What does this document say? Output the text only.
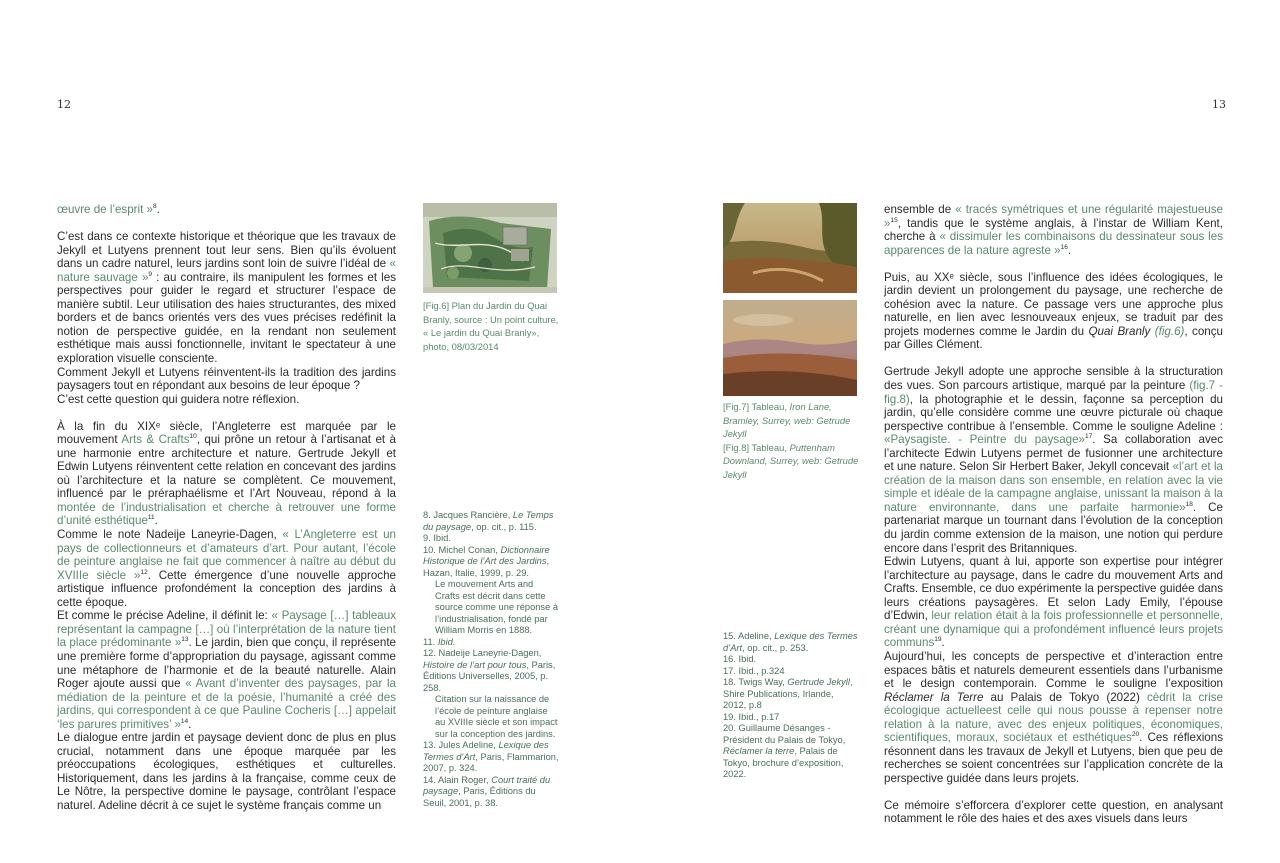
12	13

œuvre de l’esprit »$^8$.

C’est dans ce contexte historique et théorique que les travaux de Jekyll et Lutyens prennent tout leur sens. Bien qu’ils évoluent dans un cadre naturel, leurs jardins sont loin de suivre l’idéal de « nature sauvage »$^9$ : au contraire, ils manipulent les formes et les perspectives pour guider le regard et structurer l’espace de manière subtil. Leur utilisation des haies structurantes, des mixed borders et de bancs orientés vers des vues précises redéfinit la notion de perspective guidée, en la rendant non seulement esthétique mais aussi fonctionnelle, invitant le spectateur à une exploration visuelle consciente.

Comment Jekyll et Lutyens réinventent-ils la tradition des jardins paysagers tout en répondant aux besoins de leur époque ?

C’est cette question qui guidera notre réflexion.

À la fin du XIXᵉ siècle, l’Angleterre est marquée par le mouvement Arts & Crafts$^{10}$, qui prône un retour à l’artisanat et à une harmonie entre architecture et nature. Gertrude Jekyll et Edwin Lutyens réinventent cette relation en concevant des jardins où l’architecture et la nature se complètent. Ce mouvement, influencé par le préraphaélisme et l’Art Nouveau, répond à la montée de l’industrialisation et cherche à retrouver une forme d’unité esthétique$^{11}$.

Comme le note Nadeije Laneyrie-Dagen, « L’Angleterre est un pays de collectionneurs et d’amateurs d’art. Pour autant, l’école de peinture anglaise ne fait que commencer à naître au début du XVIIIe siècle »$^{12}$. Cette émergence d’une nouvelle approche artistique influence profondément la conception des jardins à cette époque.

Et comme le précise Adeline, il définit le: « Paysage […] tableaux représentant la campagne […] où l’interprétation de la nature tient la place prédominante »$^{13}$. Le jardin, bien que conçu, il représente une première forme d’appropriation du paysage, agissant comme une métaphore de l’harmonie et de la beauté naturelle. Alain Roger ajoute aussi que « Avant d’inventer des paysages, par la médiation de la peinture et de la poésie, l’humanité a créé des jardins, qui correspondent à ce que Pauline Cocheris […] appelait ‘les parures primitives’ »$^{14}$.

Le dialogue entre jardin et paysage devient donc de plus en plus crucial, notamment dans une époque marquée par les préoccupations écologiques, esthétiques et culturelles. Historiquement, dans les jardins à la française, comme ceux de Le Nôtre, la perspective domine le paysage, contrôlant l’espace naturel. Adeline décrit à ce sujet le système français comme un

[Fig.6] Plan du Jardin du Quai Branly, source : Un point culture, « Le jardin du Quai Branly», photo, 08/03/2014

8. Jacques Rancière, Le Temps du paysage, op. cit., p. 115.

9. Ibid.

10. Michel Conan, Dictionnaire Historique de l’Art des Jardins, Hazan, Italie, 1999, p. 29.

Le mouvement Arts and Crafts est décrit dans cette source comme une réponse à l’industrialisation, fondé par William Morris en 1888.

11. Ibid.

12. Nadeije Laneyrie-Dagen, Histoire de l’art pour tous, Paris, Éditions Universelles, 2005, p. 258.

Citation sur la naissance de l’école de peinture anglaise au XVIIIe siècle et son impact sur la conception des jardins.

13. Jules Adeline, Lexique des Termes d’Art, Paris, Flammarion, 2007, p. 324.

14. Alain Roger, Court traité du paysage, Paris, Éditions du Seuil, 2001, p. 38.

[Fig.7] Tableau, Iron Lane, Bramley, Surrey, web: Getrude Jekyll

[Fig.8] Tableau, Puttenham Downland, Surrey, web: Getrude Jekyll

15. Adeline, Lexique des Termes d’Art, op. cit., p. 253.

16. Ibid.

17. Ibid., p.324

18. Twigs Way, Gertrude Jekyll, Shire Publications, Irlande, 2012, p.8

19. Ibid., p.17

20. Guillaume Désanges - Président du Palais de Tokyo, Réclamer la terre, Palais de Tokyo, brochure d’exposition, 2022.

ensemble de « tracés symétriques et une régularité majestueuse »$^{15}$, tandis que le système anglais, à l’instar de William Kent, cherche à « dissimuler les combinaisons du dessinateur sous les apparences de la nature agreste »$^{16}$.

Puis, au XXᵉ siècle, sous l’influence des idées écologiques, le jardin devient un prolongement du paysage, une recherche de cohésion avec la nature. Ce passage vers une approche plus naturelle, en lien avec lesnouveaux enjeux, se traduit par des projets modernes comme le Jardin du Quai Branly (fig.6), conçu par Gilles Clément.

Gertrude Jekyll adopte une approche sensible à la structuration des vues. Son parcours artistique, marqué par la peinture (fig.7 - fig.8), la photographie et le dessin, façonne sa perception du jardin, qu’elle considère comme une œuvre picturale où chaque perspective contribue à l’ensemble. Comme le souligne Adeline : «Paysagiste. - Peintre du paysage»$^{17}$. Sa collaboration avec l’architecte Edwin Lutyens permet de fusionner une architecture et une nature. Selon Sir Herbert Baker, Jekyll concevait «l’art et la création de la maison dans son ensemble, en relation avec la vie simple et idéale de la campagne anglaise, unissant la maison à la nature environnante, dans une parfaite harmonie»$^{18}$. Ce partenariat marque un tournant dans l’évolution de la conception du jardin comme extension de la maison, une notion qui perdure encore dans l’esprit des Britanniques.

Edwin Lutyens, quant à lui, apporte son expertise pour intégrer l’architecture au paysage, dans le cadre du mouvement Arts and Crafts. Ensemble, ce duo expérimente la perspective guidée dans leurs créations paysagères. Et selon Lady Emily, l’épouse d’Edwin, leur relation était à la fois professionnelle et personnelle, créant une dynamique qui a profondément influencé leurs projets communs$^{19}$.

Aujourd’hui, les concepts de perspective et d’interaction entre espaces bâtis et naturels demeurent essentiels dans l’urbanisme et le design contemporain. Comme le souligne l’exposition Réclamer la Terre au Palais de Tokyo (2022) cèdrit la crise écologique actuelleest celle qui nous pousse à repenser notre relation à la nature, avec des enjeux politiques, économiques, scientifiques, moraux, sociétaux et esthétiques$^{20}$. Ces réflexions résonnent dans les travaux de Jekyll et Lutyens, bien que peu de recherches se soient concentrées sur l’application concrète de la perspective guidée dans leurs projets.

Ce mémoire s’efforcera d’explorer cette question, en analysant notamment le rôle des haies et des axes visuels dans leurs
